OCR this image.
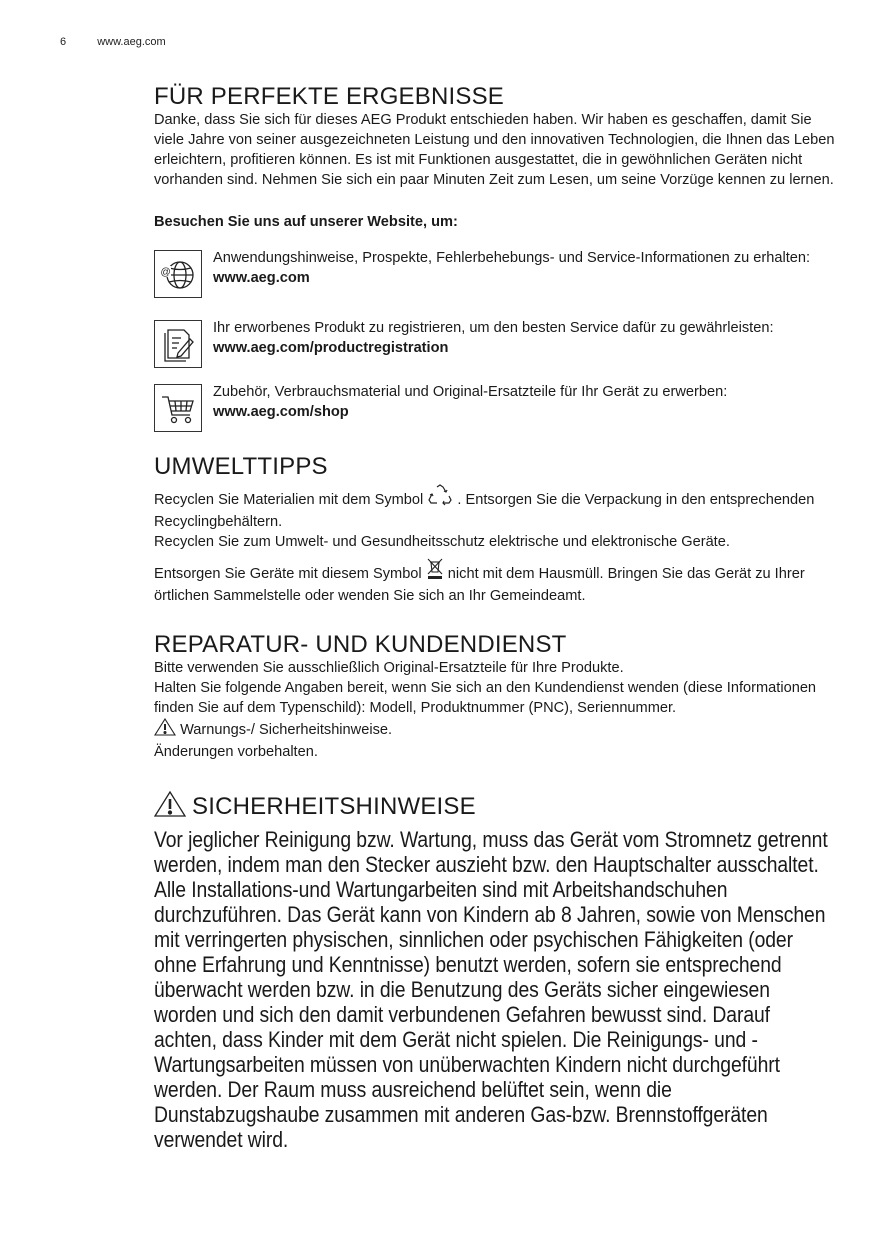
6	www.aeg.com
FÜR PERFEKTE ERGEBNISSE

Danke, dass Sie sich für dieses AEG Produkt entschieden haben. Wir haben es geschaffen, damit Sie viele Jahre von seiner ausgezeichneten Leistung und den innovativen Technologien, die Ihnen das Leben erleichtern, profitieren können. Es ist mit Funktionen ausgestattet, die in gewöhnlichen Geräten nicht vorhanden sind. Nehmen Sie sich ein paar Minuten Zeit zum Lesen, um seine Vorzüge kennen zu lernen.

Besuchen Sie uns auf unserer Website, um:

@

Anwendungshinweise, Prospekte, Fehlerbehebungs- und Service-Informationen zu erhalten:

www.aeg.com

Ihr erworbenes Produkt zu registrieren, um den besten Service dafür zu gewährleisten:

www.aeg.com/productregistration

Zubehör, Verbrauchsmaterial und Original-Ersatzteile für Ihr Gerät zu erwerben:

www.aeg.com/shop

UMWELTTIPPS

Recyclen Sie Materialien mit dem Symbol . Entsorgen Sie die Verpackung in den entsprechenden Recyclingbehältern.

Recyclen Sie zum Umwelt- und Gesundheitsschutz elektrische und elektronische Geräte.

Entsorgen Sie Geräte mit diesem Symbol nicht mit dem Hausmüll. Bringen Sie das Gerät zu Ihrer örtlichen Sammelstelle oder wenden Sie sich an Ihr Gemeindeamt.

REPARATUR- UND KUNDENDIENST

Bitte verwenden Sie ausschließlich Original-Ersatzteile für Ihre Produkte.

Halten Sie folgende Angaben bereit, wenn Sie sich an den Kundendienst wenden (diese Informationen finden Sie auf dem Typenschild): Modell, Produktnummer (PNC), Seriennummer.

Warnungs-/ Sicherheitshinweise.

Änderungen vorbehalten.

SICHERHEITSHINWEISE

Vor jeglicher Reinigung bzw. Wartung, muss das Gerät vom Stromnetz getrennt werden, indem man den Stecker auszieht bzw. den Hauptschalter ausschaltet. Alle Installations-und Wartungarbeiten sind mit Arbeitshandschuhen durchzuführen. Das Gerät kann von Kindern ab 8 Jahren, sowie von Menschen mit verringerten physischen, sinnlichen oder psychischen Fähigkeiten (oder ohne Erfahrung und Kenntnisse) benutzt werden, sofern sie entsprechend überwacht werden bzw. in die Benutzung des Geräts sicher eingewiesen worden und sich den damit verbundenen Gefahren bewusst sind. Darauf achten, dass Kinder mit dem Gerät nicht spielen. Die Reinigungs- und -Wartungsarbeiten müssen von unüberwachten Kindern nicht durchgeführt werden. Der Raum muss ausreichend belüftet sein, wenn die Dunstabzugshaube zusammen mit anderen Gas-bzw. Brennstoffgeräten verwendet wird.
